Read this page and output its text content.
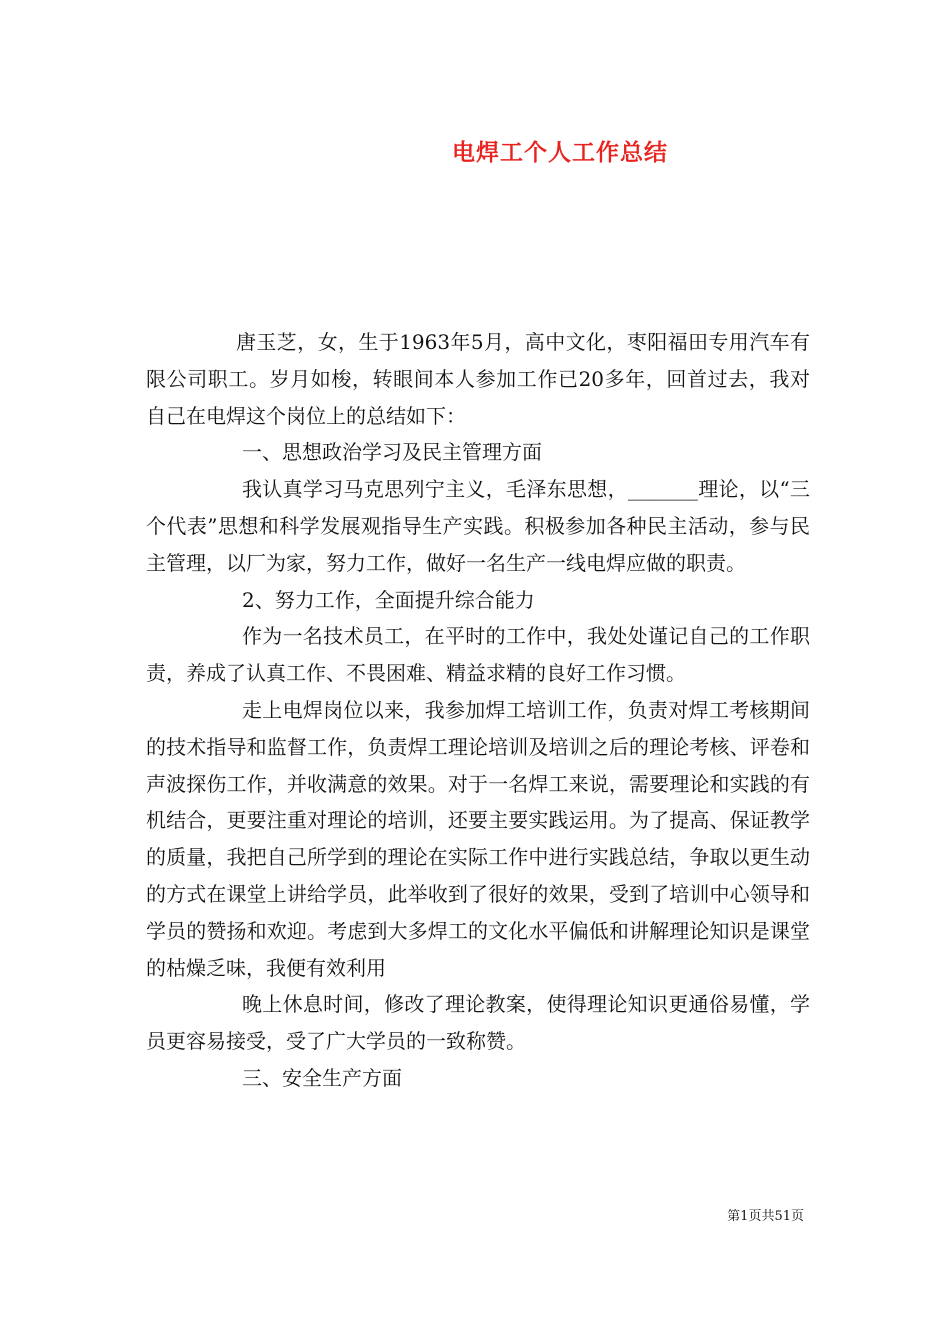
电焊工个人工作总结

唐玉芝，女，生于1963年5月，高中文化，枣阳福田专用汽车有限公司职工。岁月如梭，转眼间本人参加工作已20多年，回首过去，我对自己在电焊这个岗位上的总结如下：

一、思想政治学习及民主管理方面

我认真学习马克思列宁主义，毛泽东思想，_______理论，以“三个代表”思想和科学发展观指导生产实践。积极参加各种民主活动，参与民主管理，以厂为家，努力工作，做好一名生产一线电焊应做的职责。

2、努力工作，全面提升综合能力

作为一名技术员工，在平时的工作中，我处处谨记自己的工作职责，养成了认真工作、不畏困难、精益求精的良好工作习惯。

走上电焊岗位以来，我参加焊工培训工作，负责对焊工考核期间的技术指导和监督工作，负责焊工理论培训及培训之后的理论考核、评卷和声波探伤工作，并收满意的效果。对于一名焊工来说，需要理论和实践的有机结合，更要注重对理论的培训，还要主要实践运用。为了提高、保证教学的质量，我把自己所学到的理论在实际工作中进行实践总结，争取以更生动的方式在课堂上讲给学员，此举收到了很好的效果，受到了培训中心领导和学员的赞扬和欢迎。考虑到大多焊工的文化水平偏低和讲解理论知识是课堂的枯燥乏味，我便有效利用

晚上休息时间，修改了理论教案，使得理论知识更通俗易懂，学员更容易接受，受了广大学员的一致称赞。

三、安全生产方面

第1页共51页
